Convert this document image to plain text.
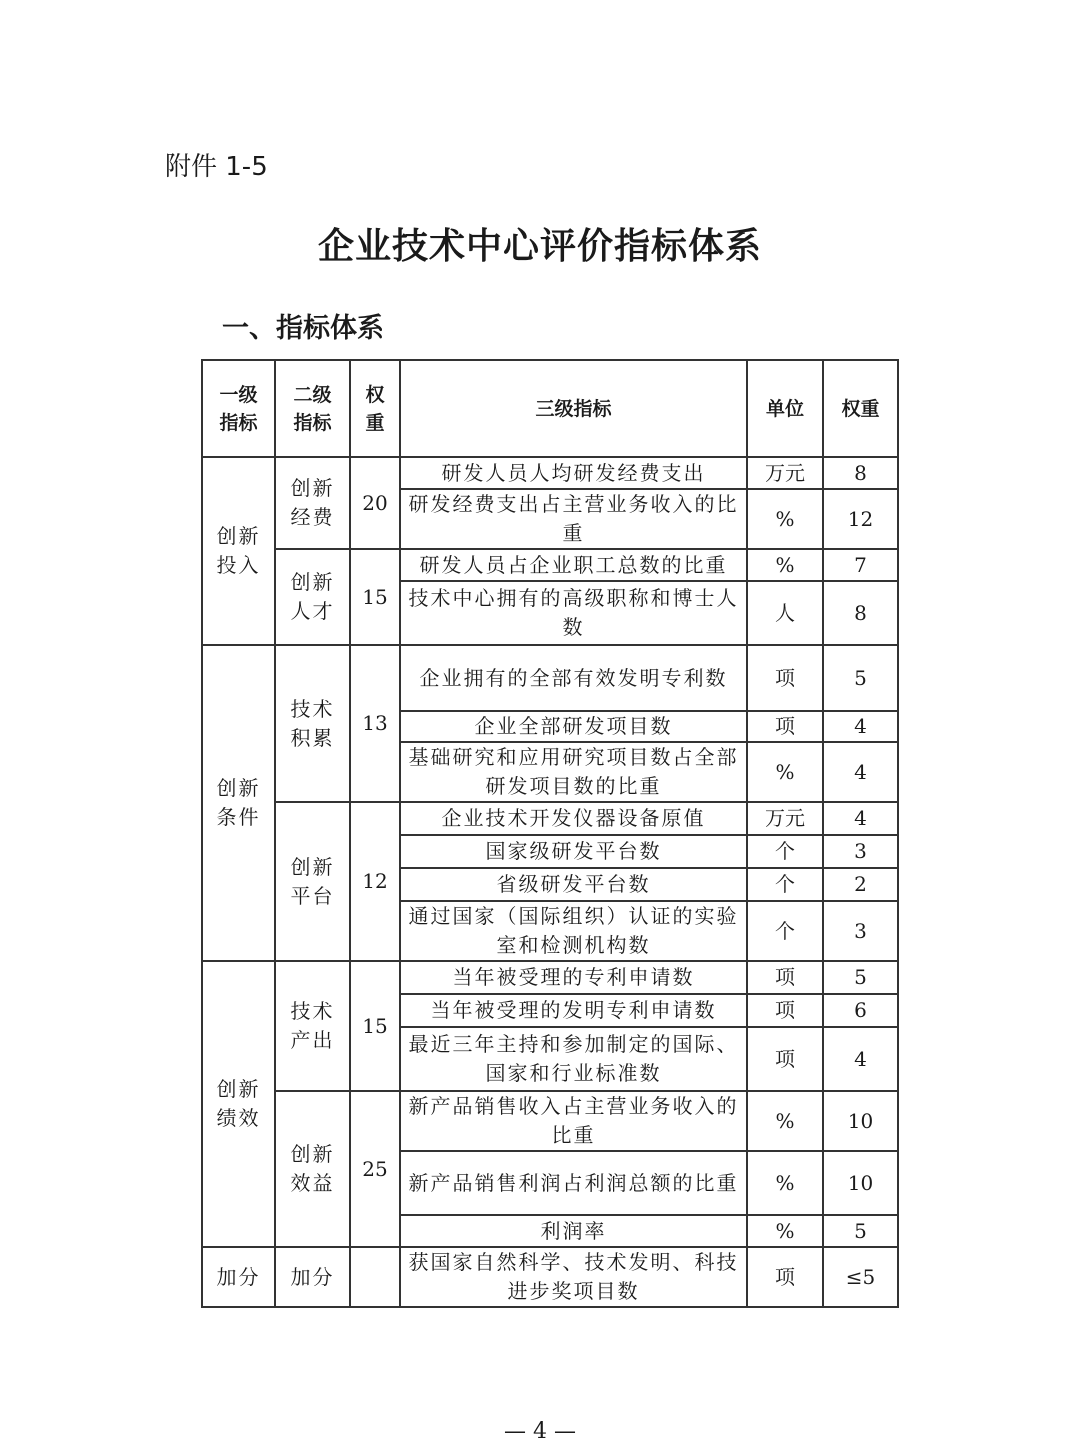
附件 1-5
企业技术中心评价指标体系
一、指标体系
一级指标	二级指标	权重	三级指标	单位	权重
创新投入	创新经费	20	研发人员人均研发经费支出	万元	8
			研发经费支出占主营业务收入的比重	%	12
	创新人才	15	研发人员占企业职工总数的比重	%	7
			技术中心拥有的高级职称和博士人数	人	8
创新条件	技术积累	13	企业拥有的全部有效发明专利数	项	5
			企业全部研发项目数	项	4
			基础研究和应用研究项目数占全部研发项目数的比重	%	4
	创新平台	12	企业技术开发仪器设备原值	万元	4
			国家级研发平台数	个	3
			省级研发平台数	个	2
			通过国家（国际组织）认证的实验室和检测机构数	个	3
创新绩效	技术产出	15	当年被受理的专利申请数	项	5
			当年被受理的发明专利申请数	项	6
			最近三年主持和参加制定的国际、国家和行业标准数	项	4
	创新效益	25	新产品销售收入占主营业务收入的比重	%	10
			新产品销售利润占利润总额的比重	%	10
			利润率	%	5
加分	加分		获国家自然科学、技术发明、科技进步奖项目数	项	≤5
— 4 —
